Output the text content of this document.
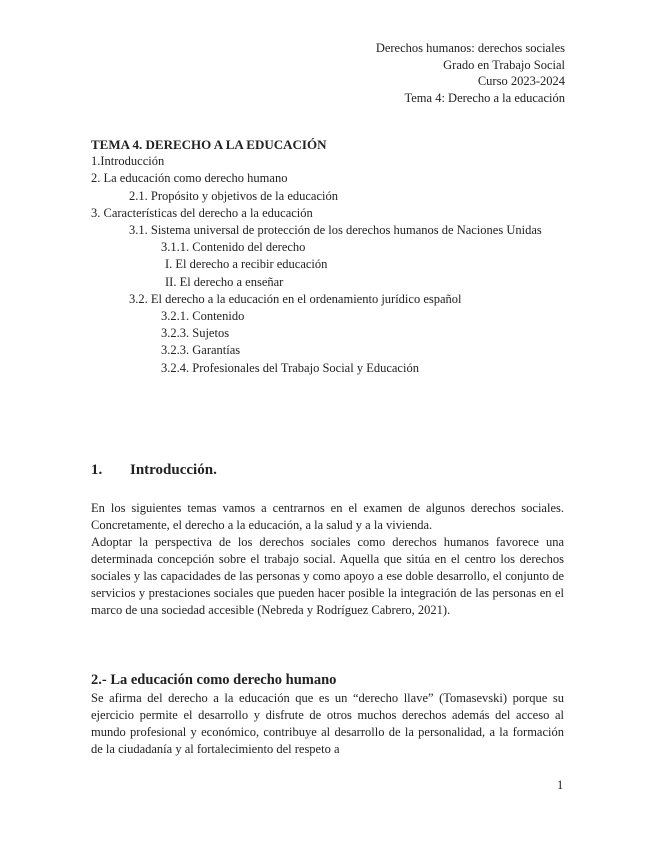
Derechos humanos: derechos sociales
Grado en Trabajo Social
Curso 2023-2024
Tema 4: Derecho a la educación
TEMA 4. DERECHO A LA EDUCACIÓN
1.Introducción
2. La educación como derecho humano
2.1. Propósito y objetivos de la educación
3. Características del derecho a la educación
3.1. Sistema universal de protección de los derechos humanos de Naciones Unidas
3.1.1. Contenido del derecho
I. El derecho a recibir educación
II. El derecho a enseñar
3.2. El derecho a la educación en el ordenamiento jurídico español
3.2.1. Contenido
3.2.3. Sujetos
3.2.3. Garantías
3.2.4. Profesionales del Trabajo Social y Educación
1. Introducción.

En los siguientes temas vamos a centrarnos en el examen de algunos derechos sociales. Concretamente, el derecho a la educación, a la salud y a la vivienda.

Adoptar la perspectiva de los derechos sociales como derechos humanos favorece una determinada concepción sobre el trabajo social. Aquella que sitúa en el centro los derechos sociales y las capacidades de las personas y como apoyo a ese doble desarrollo, el conjunto de servicios y prestaciones sociales que pueden hacer posible la integración de las personas en el marco de una sociedad accesible (Nebreda y Rodríguez Cabrero, 2021).

2.- La educación como derecho humano

Se afirma del derecho a la educación que es un “derecho llave” (Tomasevski) porque su ejercicio permite el desarrollo y disfrute de otros muchos derechos además del acceso al mundo profesional y económico, contribuye al desarrollo de la personalidad, a la formación de la ciudadanía y al fortalecimiento del respeto a

1
